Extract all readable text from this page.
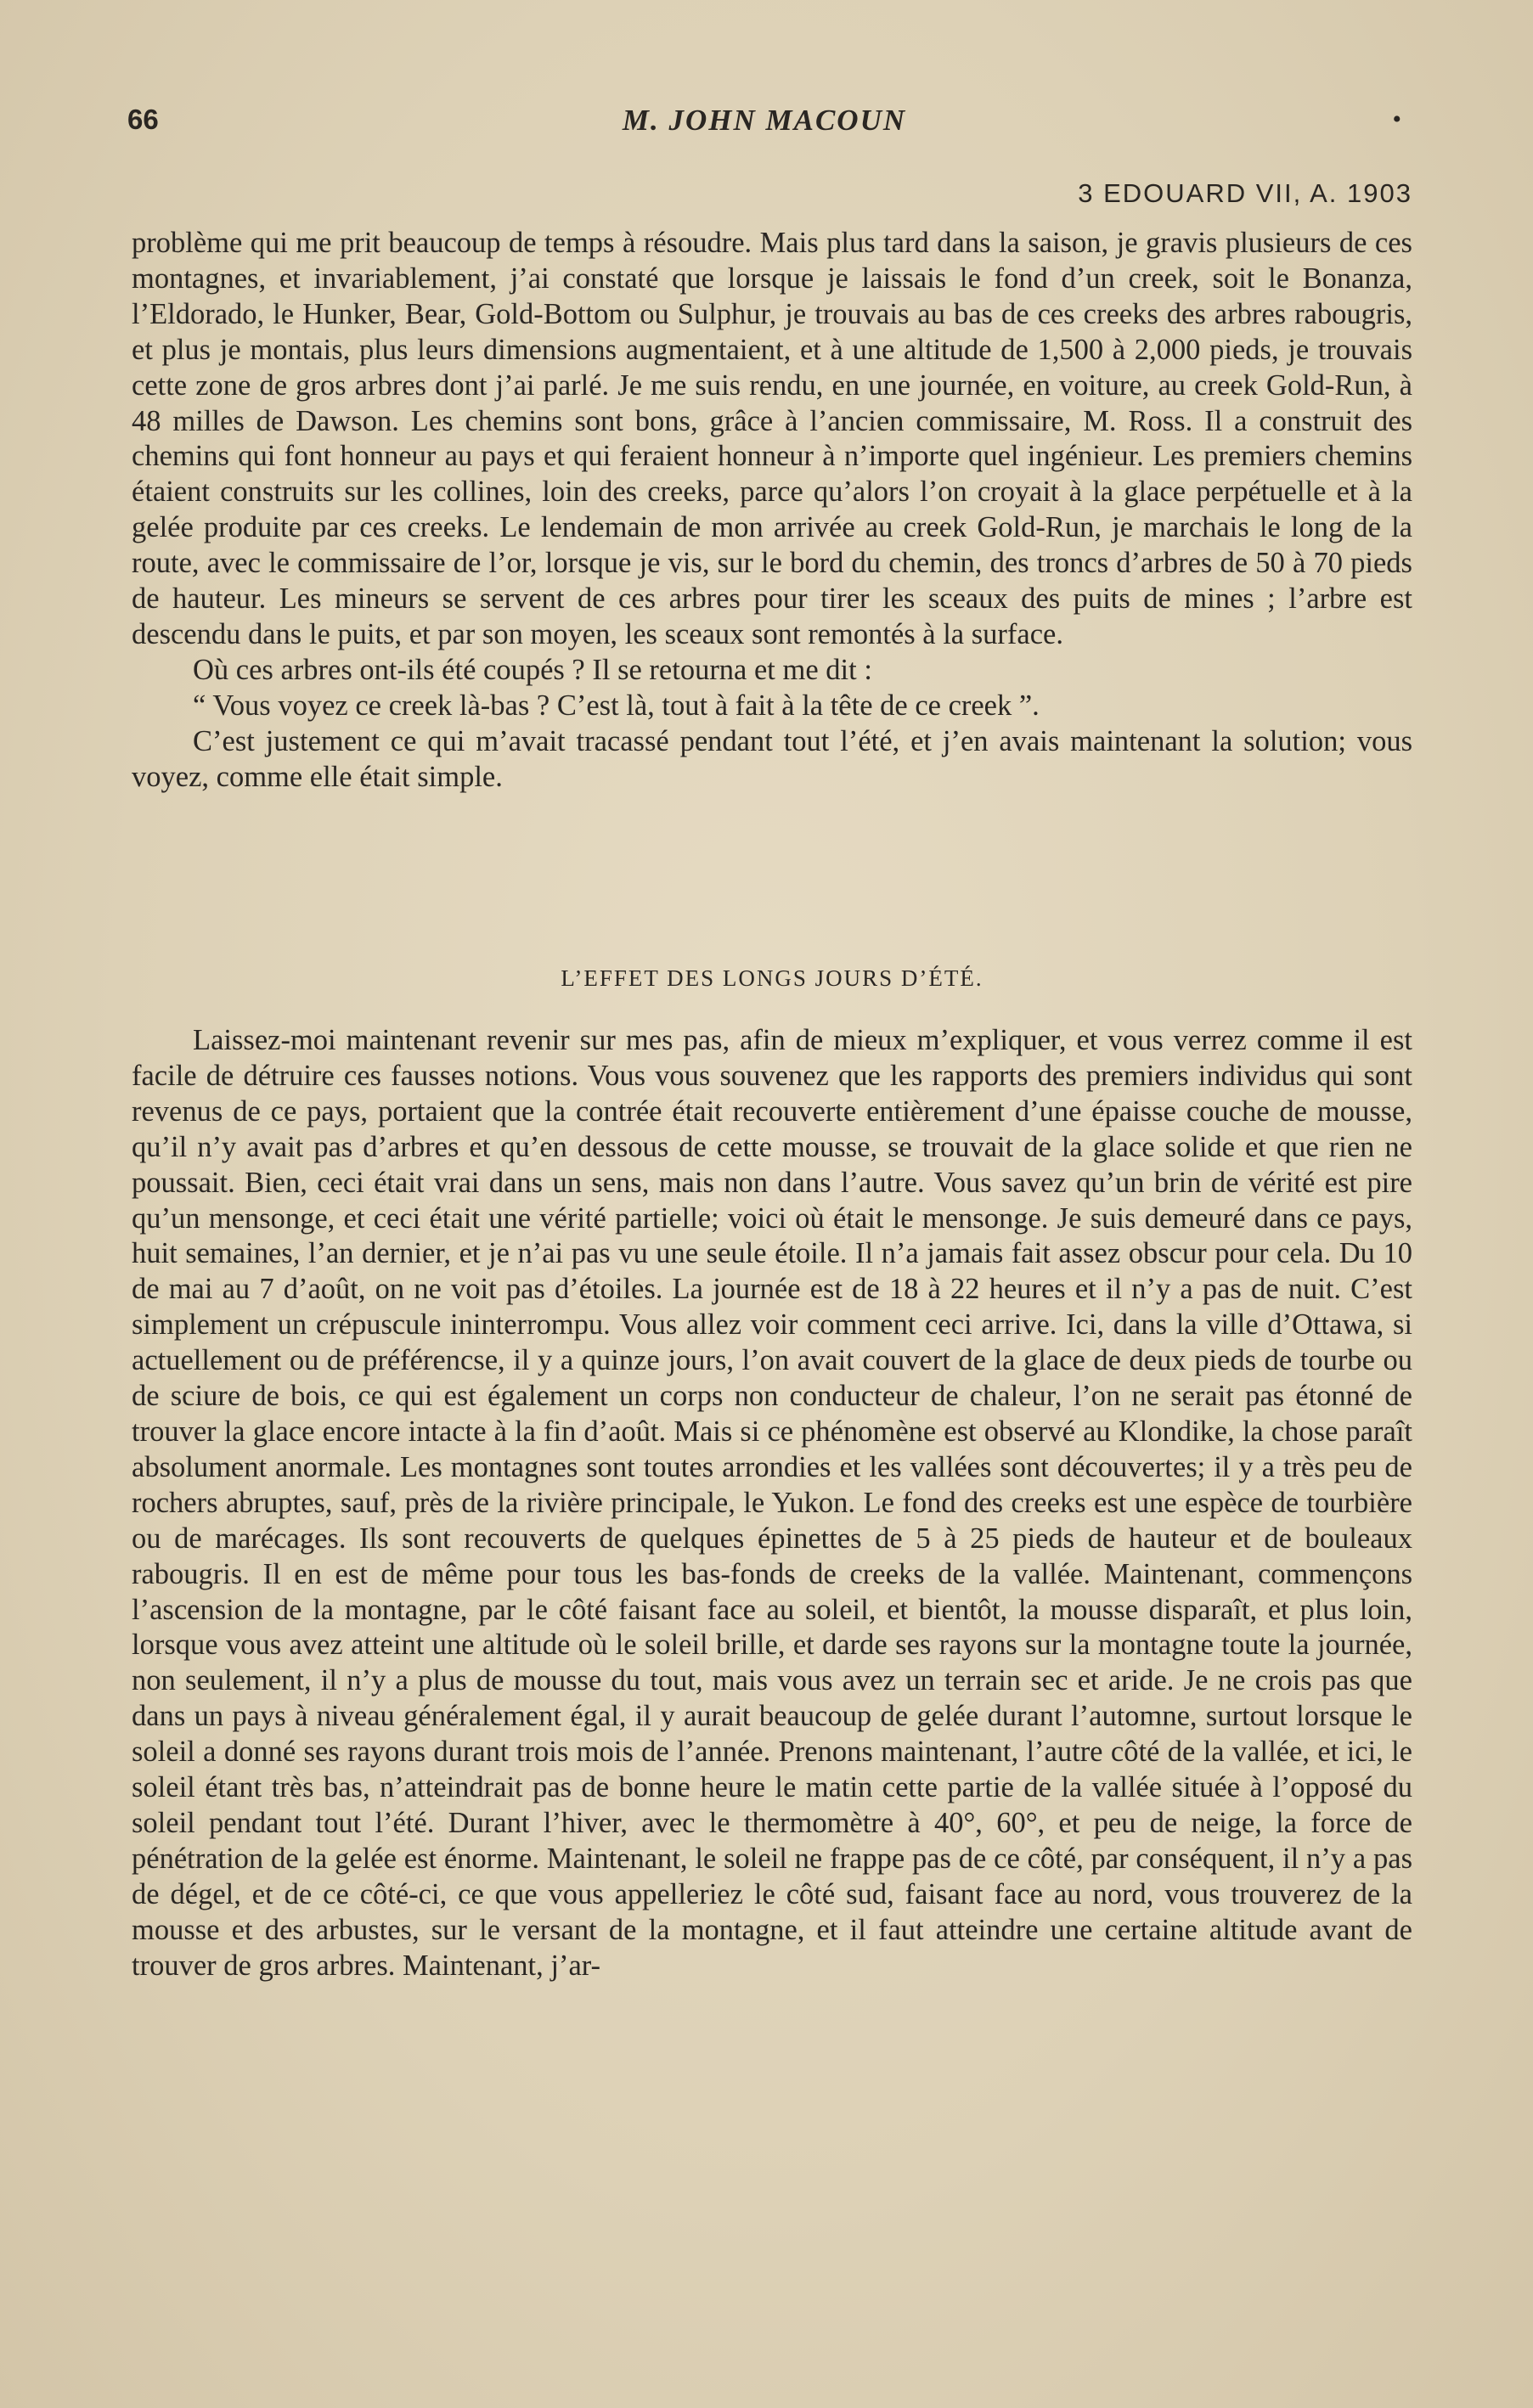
66	M. JOHN MACOUN	•
3 EDOUARD VII, A. 1903

problème qui me prit beaucoup de temps à résoudre. Mais plus tard dans la saison, je gravis plusieurs de ces montagnes, et invariablement, j’ai constaté que lorsque je laissais le fond d’un creek, soit le Bonanza, l’Eldorado, le Hunker, Bear, Gold-Bottom ou Sulphur, je trouvais au bas de ces creeks des arbres rabougris, et plus je montais, plus leurs dimensions augmentaient, et à une altitude de 1,500 à 2,000 pieds, je trouvais cette zone de gros arbres dont j’ai parlé. Je me suis rendu, en une journée, en voiture, au creek Gold-Run, à 48 milles de Dawson. Les chemins sont bons, grâce à l’ancien commissaire, M. Ross. Il a construit des chemins qui font honneur au pays et qui feraient honneur à n’importe quel ingénieur. Les premiers chemins étaient construits sur les collines, loin des creeks, parce qu’alors l’on croyait à la glace perpétuelle et à la gelée produite par ces creeks. Le lendemain de mon arrivée au creek Gold-Run, je marchais le long de la route, avec le commissaire de l’or, lorsque je vis, sur le bord du chemin, des troncs d’arbres de 50 à 70 pieds de hauteur. Les mineurs se servent de ces arbres pour tirer les sceaux des puits de mines ; l’arbre est descendu dans le puits, et par son moyen, les sceaux sont remontés à la surface.

Où ces arbres ont-ils été coupés ? Il se retourna et me dit :

“ Vous voyez ce creek là-bas ? C’est là, tout à fait à la tête de ce creek ”.

C’est justement ce qui m’avait tracassé pendant tout l’été, et j’en avais maintenant la solution; vous voyez, comme elle était simple.

L’EFFET DES LONGS JOURS D’ÉTÉ.

Laissez-moi maintenant revenir sur mes pas, afin de mieux m’expliquer, et vous verrez comme il est facile de détruire ces fausses notions. Vous vous souvenez que les rapports des premiers individus qui sont revenus de ce pays, portaient que la contrée était recouverte entièrement d’une épaisse couche de mousse, qu’il n’y avait pas d’arbres et qu’en dessous de cette mousse, se trouvait de la glace solide et que rien ne poussait. Bien, ceci était vrai dans un sens, mais non dans l’autre. Vous savez qu’un brin de vérité est pire qu’un mensonge, et ceci était une vérité partielle; voici où était le mensonge. Je suis demeuré dans ce pays, huit semaines, l’an dernier, et je n’ai pas vu une seule étoile. Il n’a jamais fait assez obscur pour cela. Du 10 de mai au 7 d’août, on ne voit pas d’étoiles. La journée est de 18 à 22 heures et il n’y a pas de nuit. C’est simplement un crépuscule ininterrompu. Vous allez voir comment ceci arrive. Ici, dans la ville d’Ottawa, si actuellement ou de préférencse, il y a quinze jours, l’on avait couvert de la glace de deux pieds de tourbe ou de sciure de bois, ce qui est également un corps non conducteur de chaleur, l’on ne serait pas étonné de trouver la glace encore intacte à la fin d’août. Mais si ce phénomène est observé au Klondike, la chose paraît absolument anormale. Les montagnes sont toutes arrondies et les vallées sont découvertes; il y a très peu de rochers abruptes, sauf, près de la rivière principale, le Yukon. Le fond des creeks est une espèce de tourbière ou de marécages. Ils sont recouverts de quelques épinettes de 5 à 25 pieds de hauteur et de bouleaux rabougris. Il en est de même pour tous les bas-fonds de creeks de la vallée. Maintenant, commençons l’ascension de la montagne, par le côté faisant face au soleil, et bientôt, la mousse disparaît, et plus loin, lorsque vous avez atteint une altitude où le soleil brille, et darde ses rayons sur la montagne toute la journée, non seulement, il n’y a plus de mousse du tout, mais vous avez un terrain sec et aride. Je ne crois pas que dans un pays à niveau généralement égal, il y aurait beaucoup de gelée durant l’automne, surtout lorsque le soleil a donné ses rayons durant trois mois de l’année. Prenons maintenant, l’autre côté de la vallée, et ici, le soleil étant très bas, n’atteindrait pas de bonne heure le matin cette partie de la vallée située à l’opposé du soleil pendant tout l’été. Durant l’hiver, avec le thermomètre à 40°, 60°, et peu de neige, la force de pénétration de la gelée est énorme. Maintenant, le soleil ne frappe pas de ce côté, par conséquent, il n’y a pas de dégel, et de ce côté-ci, ce que vous appelleriez le côté sud, faisant face au nord, vous trouverez de la mousse et des arbustes, sur le versant de la montagne, et il faut atteindre une certaine altitude avant de trouver de gros arbres. Maintenant, j’ar-
